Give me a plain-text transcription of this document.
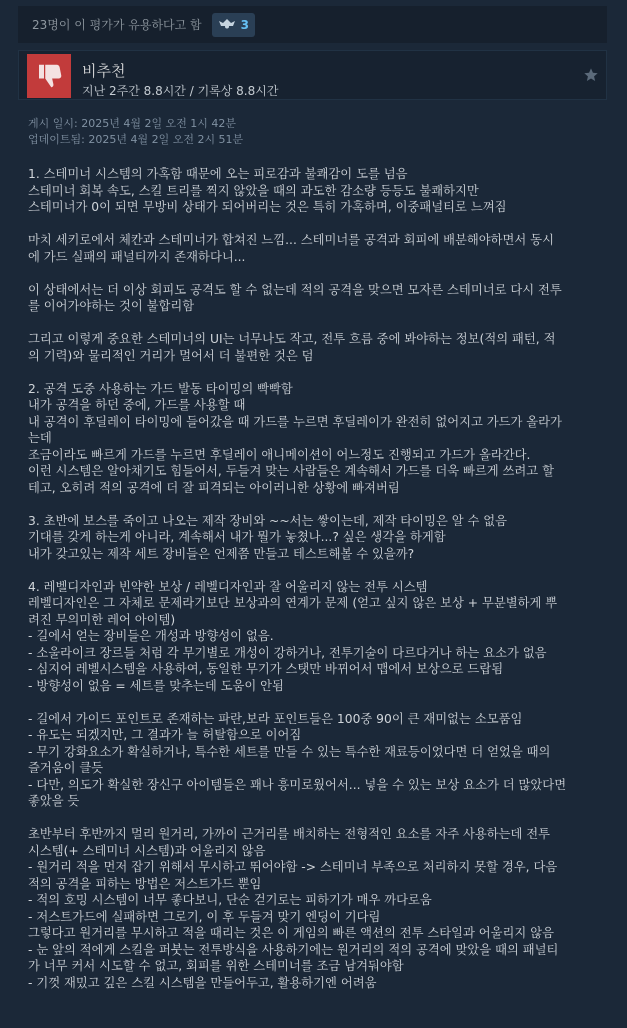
23명이 이 평가가 유용하다고 함	3
비추천
지난 2주간 8.8시간 / 기록상 8.8시간
게시 일시: 2025년 4월 2일 오전 1시 42분
업데이트됨: 2025년 4월 2일 오전 2시 51분

1. 스테미너 시스템의 가혹함 때문에 오는 피로감과 불쾌감이 도를 넘음
스테미너 회복 속도, 스킬 트리를 찍지 않았을 때의 과도한 감소량 등등도 불쾌하지만
스테미너가 0이 되면 무방비 상태가 되어버리는 것은 특히 가혹하며, 이중패널티로 느껴짐

마치 세키로에서 체칸과 스테미너가 합쳐진 느낌... 스테미너를 공격과 회피에 배분해야하면서 동시
에 가드 실패의 패널티까지 존재하다니...

이 상태에서는 더 이상 회피도 공격도 할 수 없는데 적의 공격을 맞으면 모자른 스테미너로 다시 전투
를 이어가야하는 것이 불합리함

그리고 이렇게 중요한 스테미너의 UI는 너무나도 작고, 전투 흐름 중에 봐야하는 정보(적의 패턴, 적
의 기력)와 물리적인 거리가 멀어서 더 불편한 것은 덤

2. 공격 도중 사용하는 가드 발동 타이밍의 빡빡함
내가 공격을 하던 중에, 가드를 사용할 때
내 공격이 후딜레이 타이밍에 들어갔을 때 가드를 누르면 후딜레이가 완전히 없어지고 가드가 올라가
는데
조금이라도 빠르게 가드를 누르면 후딜레이 애니메이션이 어느정도 진행되고 가드가 올라간다.
이런 시스템은 알아채기도 힘들어서, 두들겨 맞는 사람들은 계속해서 가드를 더욱 빠르게 쓰려고 할
테고, 오히려 적의 공격에 더 잘 피격되는 아이러니한 상황에 빠져버림

3. 초반에 보스를 죽이고 나오는 제작 장비와 ~~서는 쌓이는데, 제작 타이밍은 알 수 없음
기대를 갖게 하는게 아니라, 계속해서 내가 뭘가 놓쳤나...? 싶은 생각을 하게함
내가 갖고있는 제작 세트 장비들은 언제쯤 만들고 테스트해볼 수 있을까?

4. 레벨디자인과 빈약한 보상 / 레벨디자인과 잘 어울리지 않는 전투 시스템
레벨디자인은 그 자체로 문제라기보단 보상과의 연계가 문제 (얻고 싶지 않은 보상 + 무분별하게 뿌
려진 무의미한 레어 아이템)
- 길에서 얻는 장비들은 개성과 방향성이 없음.
- 소울라이크 장르들 처럼 각 무기별로 개성이 강하거나, 전투기술이 다르다거나 하는 요소가 없음
- 심지어 레벨시스템을 사용하여, 동일한 무기가 스탯만 바뀌어서 맵에서 보상으로 드랍됨
- 방향성이 없음 = 세트를 맞추는데 도움이 안됨

- 길에서 가이드 포인트로 존재하는 파란,보라 포인트들은 100중 90이 큰 재미없는 소모품임
- 유도는 되겠지만, 그 결과가 늘 허탈함으로 이어짐
- 무기 강화요소가 확실하거나, 특수한 세트를 만들 수 있는 특수한 재료등이었다면 더 얻었을 때의
즐거움이 클듯
- 다만, 의도가 확실한 장신구 아이템들은 꽤나 흥미로웠어서... 넣을 수 있는 보상 요소가 더 많았다면
좋았을 듯

초반부터 후반까지 멀리 원거리, 가까이 근거리를 배치하는 전형적인 요소를 자주 사용하는데 전투
시스템(+ 스테미너 시스템)과 어울리지 않음
- 원거리 적을 먼저 잡기 위해서 무시하고 뛰어야함 -> 스테미너 부족으로 처리하지 못할 경우, 다음
적의 공격을 피하는 방법은 저스트가드 뿐임
- 적의 호밍 시스템이 너무 좋다보니, 단순 걷기로는 피하기가 매우 까다로움
- 저스트가드에 실패하면 그로기, 이 후 두들겨 맞기 엔딩이 기다림
그렇다고 원거리를 무시하고 적을 때리는 것은 이 게임의 빠른 액션의 전투 스타일과 어울리지 않음
- 눈 앞의 적에게 스킬을 퍼붓는 전투방식을 사용하기에는 원거리의 적의 공격에 맞았을 때의 패널티
가 너무 커서 시도할 수 없고, 회피를 위한 스테미너를 조금 남겨둬야함
- 기껏 재밌고 깊은 스킬 시스템을 만들어두고, 활용하기엔 어려움
